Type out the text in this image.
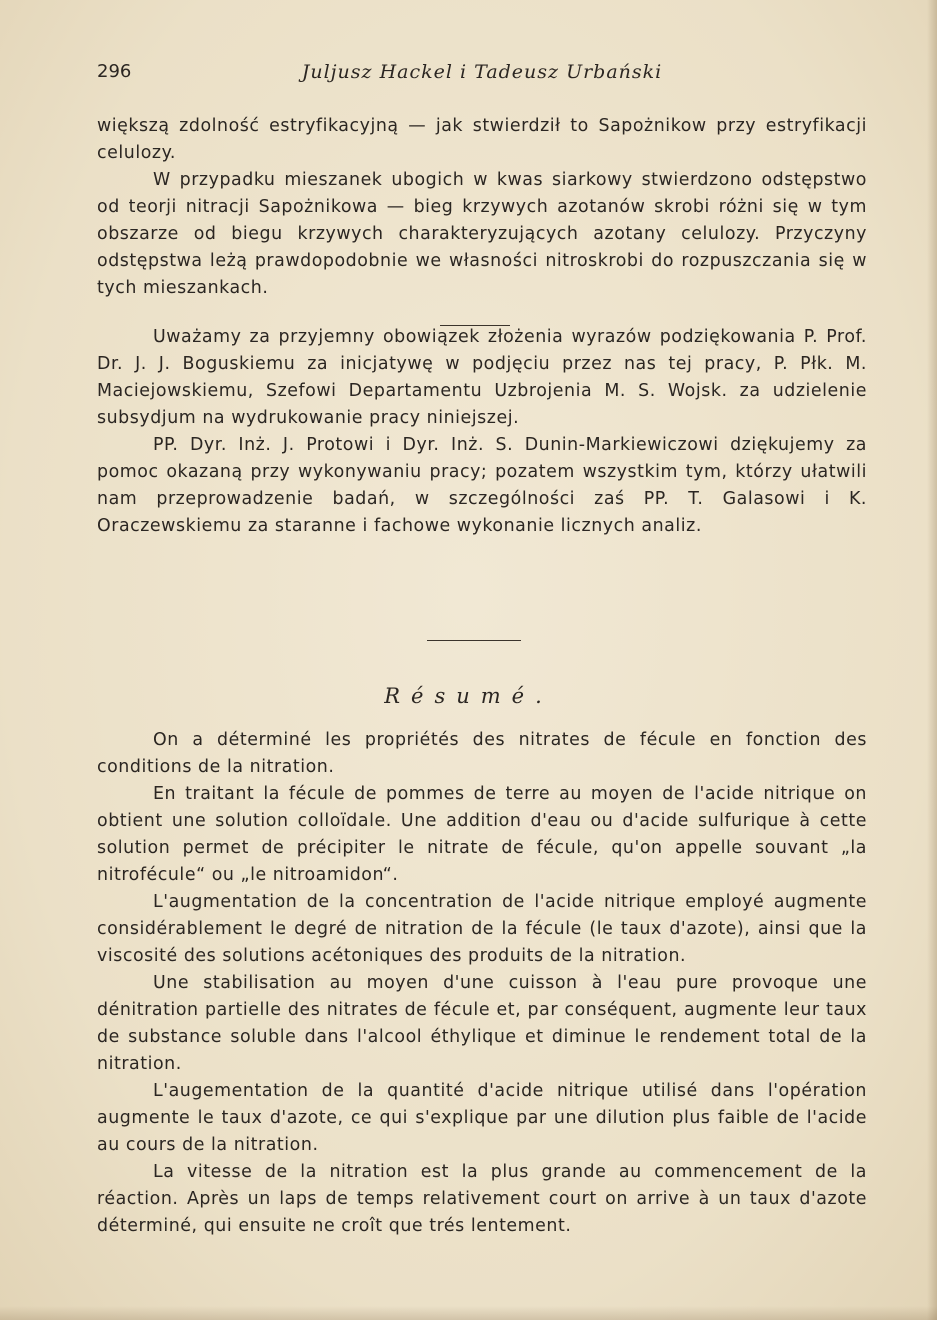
296	Juljusz Hackel i Tadeusz Urbański

większą zdolność estryfikacyjną — jak stwierdził to Sapożnikow przy estryfikacji celulozy.

W przypadku mieszanek ubogich w kwas siarkowy stwierdzono odstępstwo od teorji nitracji Sapożnikowa — bieg krzywych azotanów skrobi różni się w tym obszarze od biegu krzywych charakteryzujących azotany celulozy. Przyczyny odstępstwa leżą prawdopodobnie we własności nitroskrobi do rozpuszczania się w tych mieszankach.

Uważamy za przyjemny obowiązek złożenia wyrazów podziękowania P. Prof. Dr. J. J. Boguskiemu za inicjatywę w podjęciu przez nas tej pracy, P. Płk. M. Maciejowskiemu, Szefowi Departamentu Uzbrojenia M. S. Wojsk. za udzielenie subsydjum na wydrukowanie pracy niniejszej.

PP. Dyr. Inż. J. Protowi i Dyr. Inż. S. Dunin-Markiewiczowi dziękujemy za pomoc okazaną przy wykonywaniu pracy; pozatem wszystkim tym, którzy ułatwili nam przeprowadzenie badań, w szczególności zaś PP. T. Galasowi i K. Oraczewskiemu za staranne i fachowe wykonanie licznych analiz.

Résumé.

On a déterminé les propriétés des nitrates de fécule en fonction des conditions de la nitration.

En traitant la fécule de pommes de terre au moyen de l'acide nitrique on obtient une solution colloïdale. Une addition d'eau ou d'acide sulfurique à cette solution permet de précipiter le nitrate de fécule, qu'on appelle souvant „la nitrofécule“ ou „le nitroamidon“.

L'augmentation de la concentration de l'acide nitrique employé augmente considérablement le degré de nitration de la fécule (le taux d'azote), ainsi que la viscosité des solutions acétoniques des produits de la nitration.

Une stabilisation au moyen d'une cuisson à l'eau pure provoque une dénitration partielle des nitrates de fécule et, par conséquent, augmente leur taux de substance soluble dans l'alcool éthylique et diminue le rendement total de la nitration.

L'augementation de la quantité d'acide nitrique utilisé dans l'opération augmente le taux d'azote, ce qui s'explique par une dilution plus faible de l'acide au cours de la nitration.

La vitesse de la nitration est la plus grande au commencement de la réaction. Après un laps de temps relativement court on arrive à un taux d'azote déterminé, qui ensuite ne croît que trés lentement.
